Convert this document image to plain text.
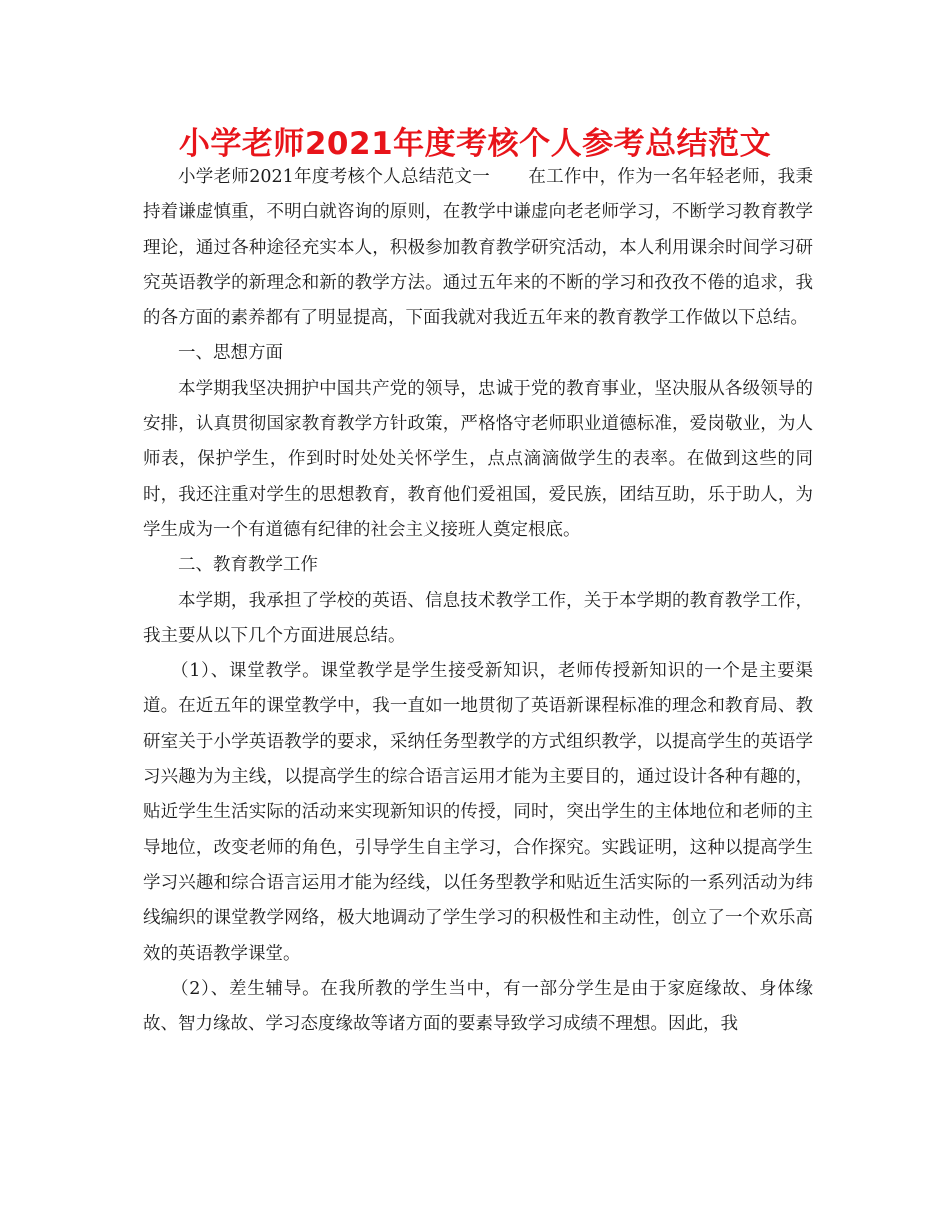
小学老师2021年度考核个人参考总结范文

小学老师2021年度考核个人总结范文一 在工作中，作为一名年轻老师，我秉持着谦虚慎重，不明白就咨询的原则，在教学中谦虚向老老师学习，不断学习教育教学理论，通过各种途径充实本人，积极参加教育教学研究活动，本人利用课余时间学习研究英语教学的新理念和新的教学方法。通过五年来的不断的学习和孜孜不倦的追求，我的各方面的素养都有了明显提高，下面我就对我近五年来的教育教学工作做以下总结。

一、思想方面

本学期我坚决拥护中国共产党的领导，忠诚于党的教育事业，坚决服从各级领导的安排，认真贯彻国家教育教学方针政策，严格恪守老师职业道德标准，爱岗敬业，为人师表，保护学生，作到时时处处关怀学生，点点滴滴做学生的表率。在做到这些的同时，我还注重对学生的思想教育，教育他们爱祖国，爱民族，团结互助，乐于助人，为学生成为一个有道德有纪律的社会主义接班人奠定根底。

二、教育教学工作

本学期，我承担了学校的英语、信息技术教学工作，关于本学期的教育教学工作，我主要从以下几个方面进展总结。

（1）、课堂教学。课堂教学是学生接受新知识，老师传授新知识的一个是主要渠道。在近五年的课堂教学中，我一直如一地贯彻了英语新课程标准的理念和教育局、教研室关于小学英语教学的要求，采纳任务型教学的方式组织教学，以提高学生的英语学习兴趣为为主线，以提高学生的综合语言运用才能为主要目的，通过设计各种有趣的，贴近学生生活实际的活动来实现新知识的传授，同时，突出学生的主体地位和老师的主导地位，改变老师的角色，引导学生自主学习，合作探究。实践证明，这种以提高学生学习兴趣和综合语言运用才能为经线，以任务型教学和贴近生活实际的一系列活动为纬线编织的课堂教学网络，极大地调动了学生学习的积极性和主动性，创立了一个欢乐高效的英语教学课堂。

（2）、差生辅导。在我所教的学生当中，有一部分学生是由于家庭缘故、身体缘故、智力缘故、学习态度缘故等诸方面的要素导致学习成绩不理想。因此，我
